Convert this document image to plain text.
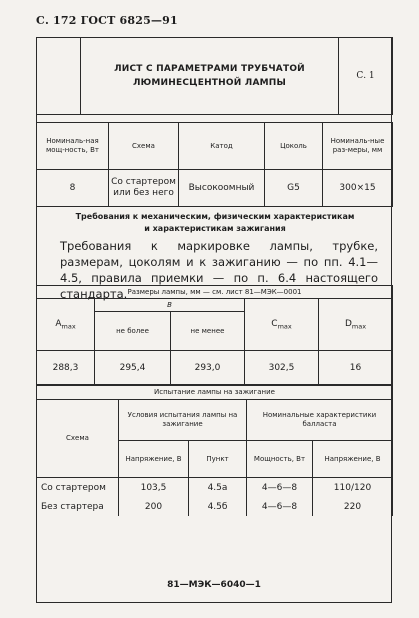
С. 172 ГОСТ 6825—91

ЛИСТ С ПАРАМЕТРАМИ ТРУБЧАТОЙ
ЛЮМИНЕСЦЕНТНОЙ ЛАМПЫ
	С. 1
Номиналь-ная мощ-ность, Вт	Схема	Катод	Цоколь	Номиналь-ные раз-меры, мм
8	Со стартером или без него	Высокоомный	G5	300×15
Требования к механическим, физическим характеристикам
и характеристикам зажигания
Требования к маркировке лампы, трубке, размерам, цоколям и к зажиганию — по пп. 4.1—4.5, правила приемки — по п. 6.4 настоящего стандарта. Размеры лампы, мм — см. лист 81—МЭК—0001				
Amax	B		Cmax	Dmax
	не более	не менее		
288,3	295,4	293,0	302,5	16
Испытание лампы на зажигание				
Схема	Условия испытания лампы на зажигание		Номинальные характеристики балласта	
	Напряжение, В	Пункт	Мощность, Вт	Напряжение, В
Со стартером	103,5	4.5а	4—6—8	110/120
Без стартера	200	4.5б	4—6—8	220
81—МЭК—6040—1
